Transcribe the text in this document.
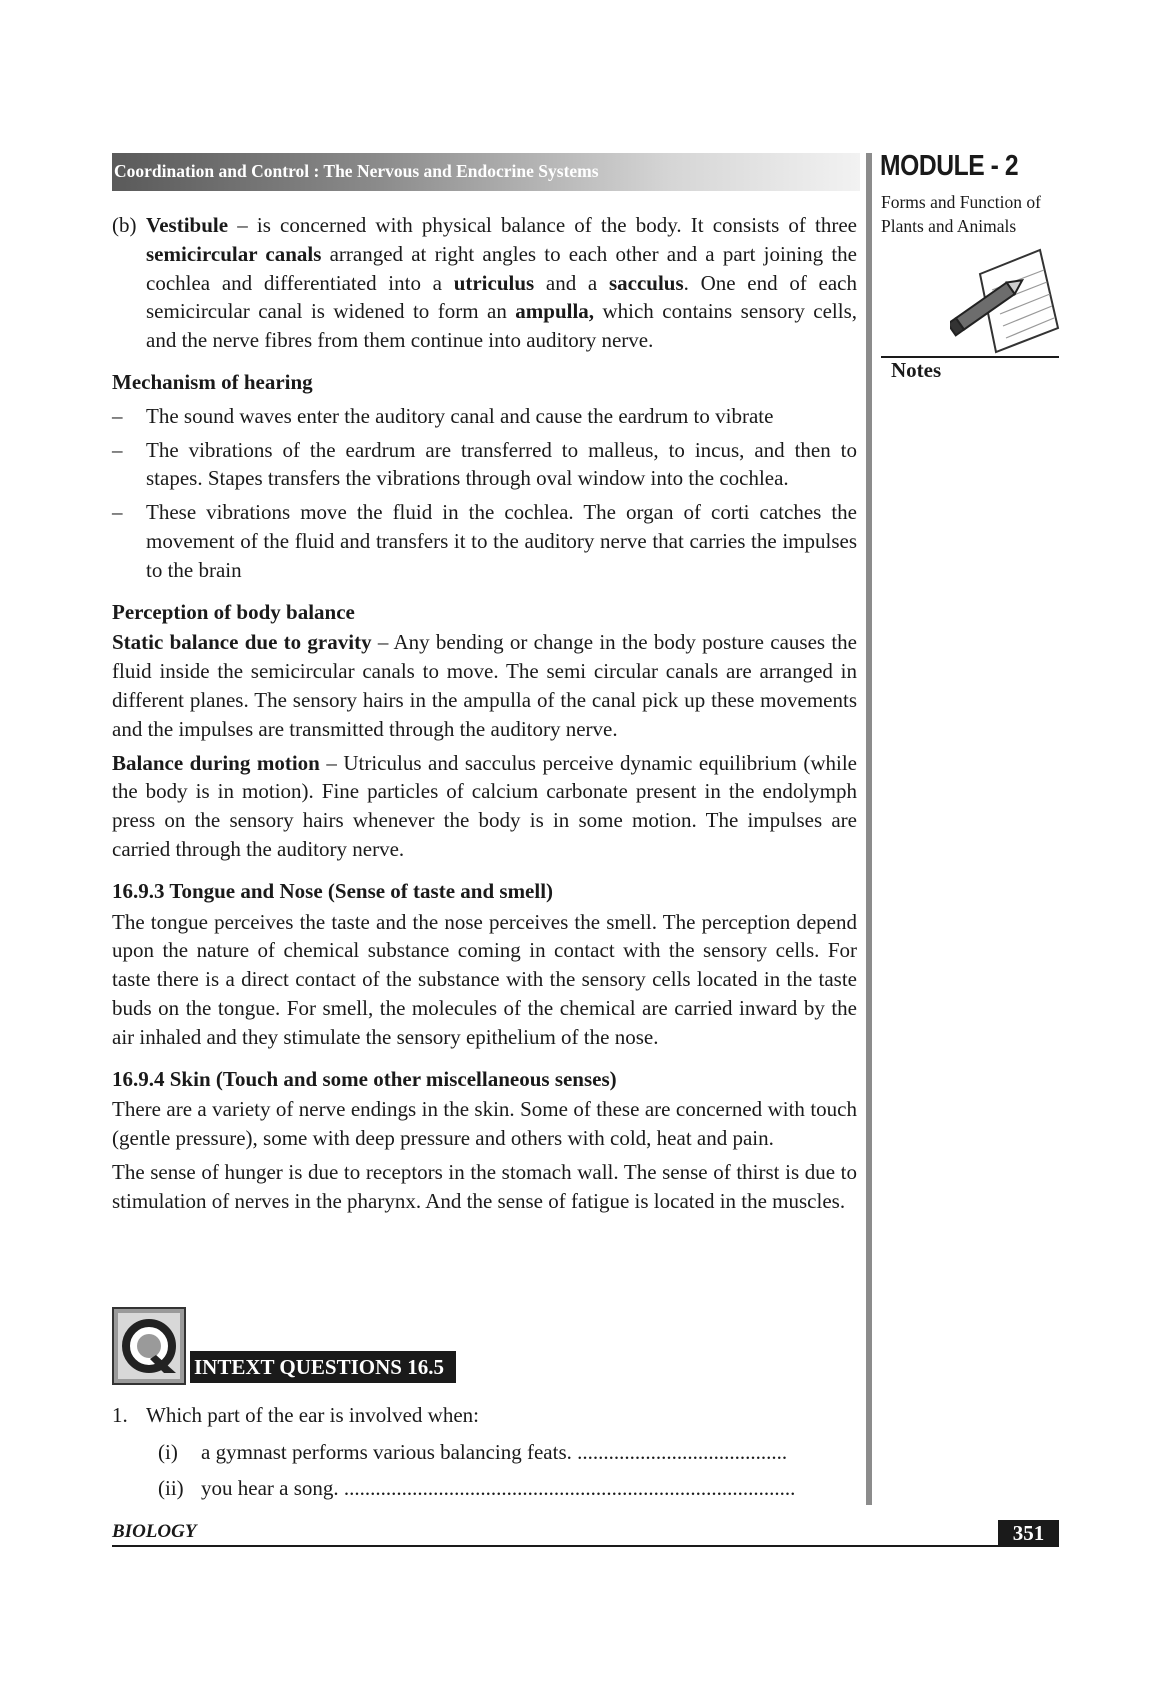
Coordination and Control : The Nervous and Endocrine Systems	MODULE - 2
Forms and Function of Plants and Animals
Notes

(b) Vestibule – is concerned with physical balance of the body. It consists of three semicircular canals arranged at right angles to each other and a part joining the cochlea and differentiated into a utriculus and a sacculus. One end of each semicircular canal is widened to form an ampulla, which contains sensory cells, and the nerve fibres from them continue into auditory nerve.

Mechanism of hearing

– The sound waves enter the auditory canal and cause the eardrum to vibrate

– The vibrations of the eardrum are transferred to malleus, to incus, and then to stapes. Stapes transfers the vibrations through oval window into the cochlea.

– These vibrations move the fluid in the cochlea. The organ of corti catches the movement of the fluid and transfers it to the auditory nerve that carries the impulses to the brain

Perception of body balance

Static balance due to gravity – Any bending or change in the body posture causes the fluid inside the semicircular canals to move. The semi circular canals are arranged in different planes. The sensory hairs in the ampulla of the canal pick up these movements and the impulses are transmitted through the auditory nerve.

Balance during motion – Utriculus and sacculus perceive dynamic equilibrium (while the body is in motion). Fine particles of calcium carbonate present in the endolymph press on the sensory hairs whenever the body is in some motion. The impulses are carried through the auditory nerve.

16.9.3 Tongue and Nose (Sense of taste and smell)

The tongue perceives the taste and the nose perceives the smell. The perception depend upon the nature of chemical substance coming in contact with the sensory cells. For taste there is a direct contact of the substance with the sensory cells located in the taste buds on the tongue. For smell, the molecules of the chemical are carried inward by the air inhaled and they stimulate the sensory epithelium of the nose.

16.9.4 Skin (Touch and some other miscellaneous senses)

There are a variety of nerve endings in the skin. Some of these are concerned with touch (gentle pressure), some with deep pressure and others with cold, heat and pain.

The sense of hunger is due to receptors in the stomach wall. The sense of thirst is due to stimulation of nerves in the pharynx. And the sense of fatigue is located in the muscles.

INTEXT QUESTIONS 16.5
1. Which part of the ear is involved when:
(i) a gymnast performs various balancing feats. ........................................
(ii) you hear a song. ......................................................................................
BIOLOGY	351
